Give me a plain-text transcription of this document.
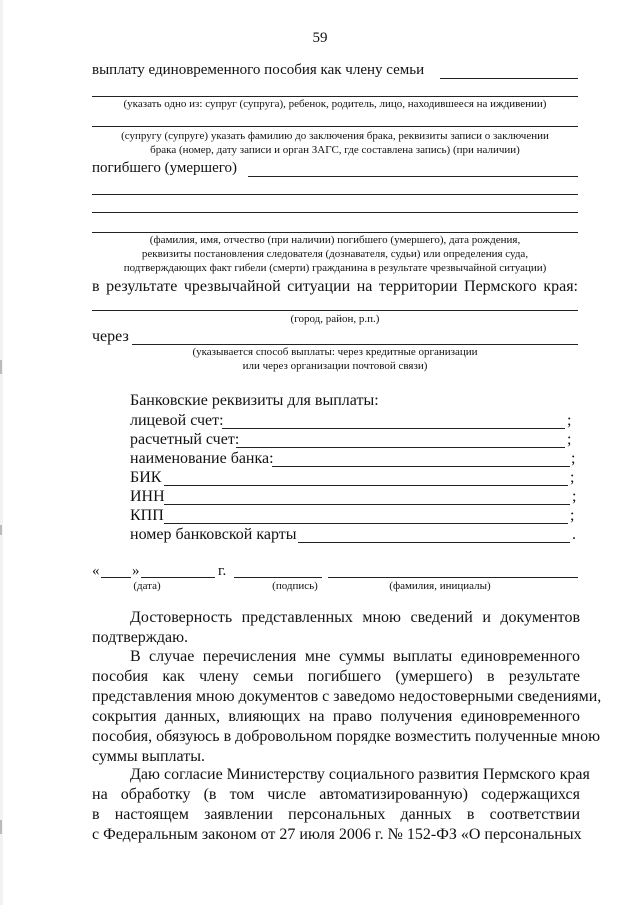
59
выплату единовременного пособия как члену семьи
(указать одно из: супруг (супруга), ребенок, родитель, лицо, находившееся на иждивении)
(супругу (супруге) указать фамилию до заключения брака, реквизиты записи о заключении
брака (номер, дату записи и орган ЗАГС, где составлена запись) (при наличии)
погибшего (умершего)
(фамилия, имя, отчество (при наличии) погибшего (умершего), дата рождения,
реквизиты постановления следователя (дознавателя, судьи) или определения суда,
подтверждающих факт гибели (смерти) гражданина в результате чрезвычайной ситуации)
в результате чрезвычайной ситуации на территории Пермского края:
(город, район, р.п.)
через
(указывается способ выплаты: через кредитные организации
или через организации почтовой связи)
Банковские реквизиты для выплаты:
лицевой счет:	;
расчетный счет:	;
наименование банка:	;
БИК	;
ИНН	;
КПП	;
номер банковской карты	.
« »	г.
(дата)	(подпись)	(фамилия, инициалы)
Достоверность представленных мною сведений и документов
подтверждаю.
В случае перечисления мне суммы выплаты единовременного
пособия как члену семьи погибшего (умершего) в результате
представления мною документов с заведомо недостоверными сведениями,
сокрытия данных, влияющих на право получения единовременного
пособия, обязуюсь в добровольном порядке возместить полученные мною
суммы выплаты.
Даю согласие Министерству социального развития Пермского края
на обработку (в том числе автоматизированную) содержащихся
в настоящем заявлении персональных данных в соответствии
с Федеральным законом от 27 июля 2006 г. № 152-ФЗ «О персональных
